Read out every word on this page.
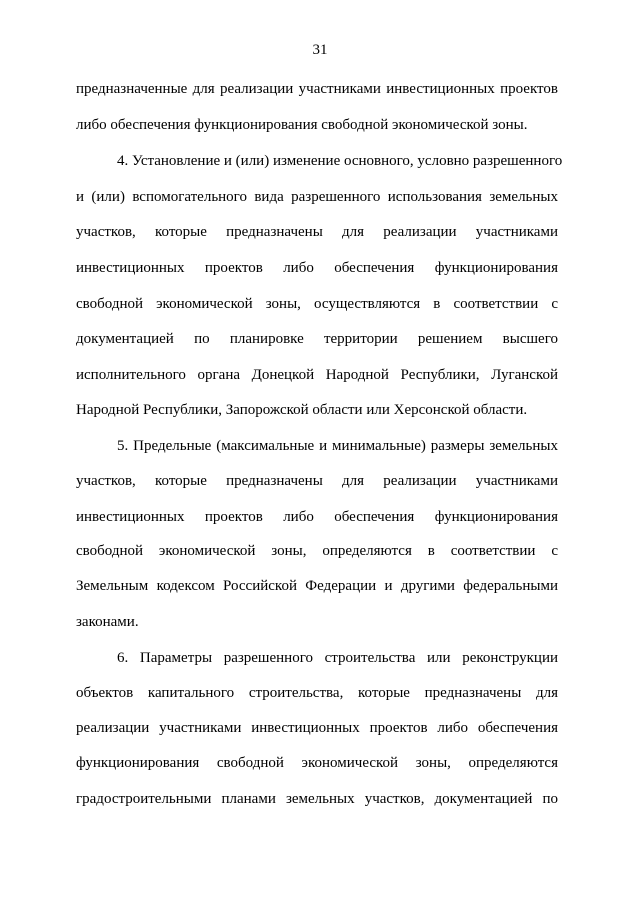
31
предназначенные для реализации участниками инвестиционных проектов
либо обеспечения функционирования свободной экономической зоны.
4. Установление и (или) изменение основного, условно разрешенного
и (или) вспомогательного вида разрешенного использования земельных
участков, которые предназначены для реализации участниками
инвестиционных проектов либо обеспечения функционирования
свободной экономической зоны, осуществляются в соответствии с
документацией по планировке территории решением высшего
исполнительного органа Донецкой Народной Республики, Луганской
Народной Республики, Запорожской области или Херсонской области.
5. Предельные (максимальные и минимальные) размеры земельных
участков, которые предназначены для реализации участниками
инвестиционных проектов либо обеспечения функционирования
свободной экономической зоны, определяются в соответствии с
Земельным кодексом Российской Федерации и другими федеральными
законами.
6. Параметры разрешенного строительства или реконструкции
объектов капитального строительства, которые предназначены для
реализации участниками инвестиционных проектов либо обеспечения
функционирования свободной экономической зоны, определяются
градостроительными планами земельных участков, документацией по
